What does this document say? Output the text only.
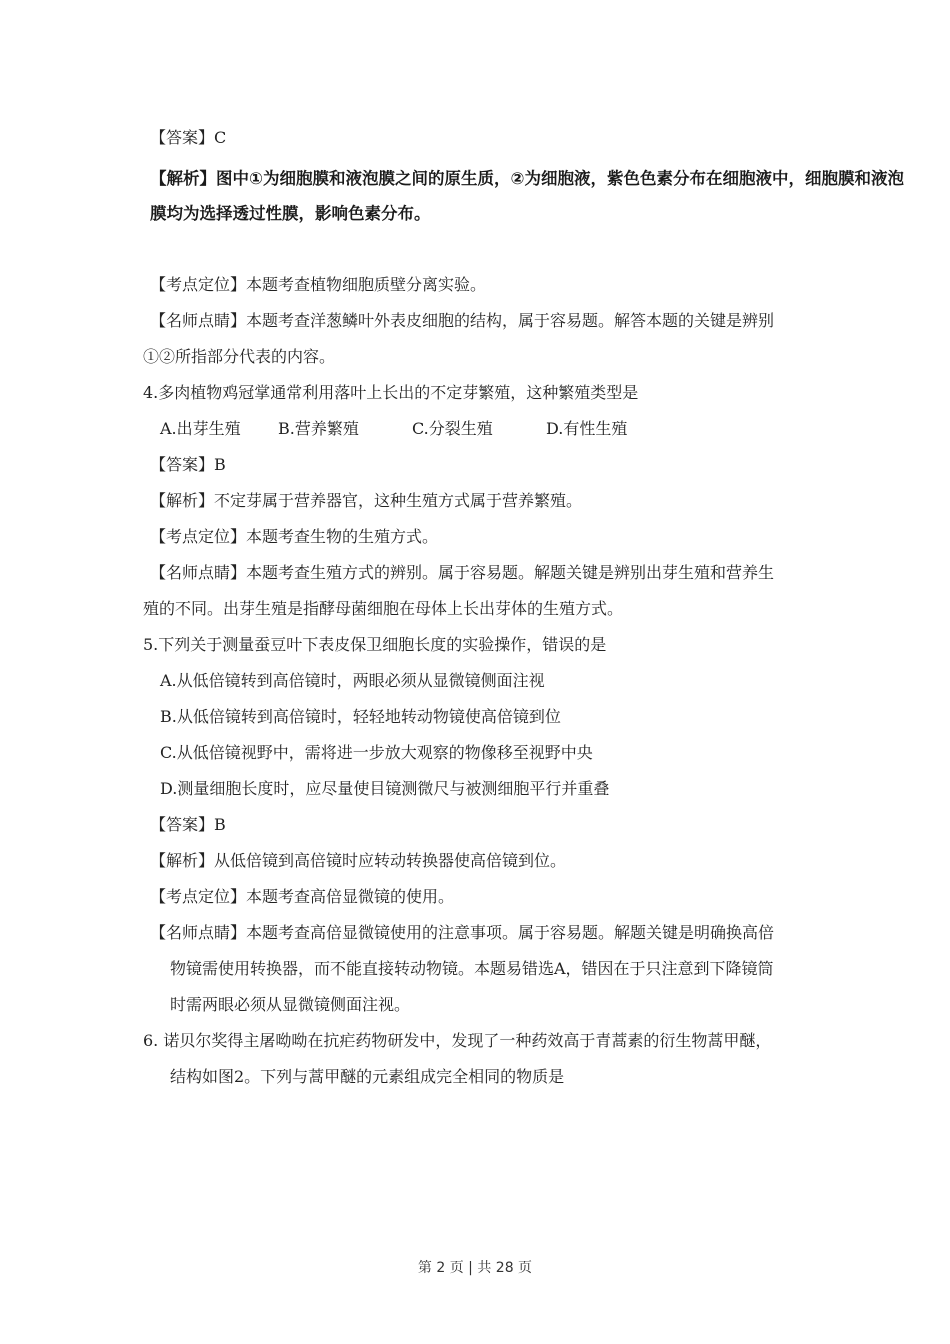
【答案】C
【解析】图中①为细胞膜和液泡膜之间的原生质，②为细胞液，紫色色素分布在细胞液中，细胞膜和液泡
膜均为选择透过性膜，影响色素分布。
【考点定位】本题考查植物细胞质壁分离实验。
【名师点睛】本题考查洋葱鳞叶外表皮细胞的结构，属于容易题。解答本题的关键是辨别
①②所指部分代表的内容。
4.多肉植物鸡冠掌通常利用落叶上长出的不定芽繁殖，这种繁殖类型是
A.出芽生殖 B.营养繁殖	C.分裂生殖	D.有性生殖
【答案】B
【解析】不定芽属于营养器官，这种生殖方式属于营养繁殖。
【考点定位】本题考查生物的生殖方式。
【名师点睛】本题考查生殖方式的辨别。属于容易题。解题关键是辨别出芽生殖和营养生
殖的不同。出芽生殖是指酵母菌细胞在母体上长出芽体的生殖方式。
5.下列关于测量蚕豆叶下表皮保卫细胞长度的实验操作，错误的是
A.从低倍镜转到高倍镜时，两眼必须从显微镜侧面注视
B.从低倍镜转到高倍镜时，轻轻地转动物镜使高倍镜到位
C.从低倍镜视野中，需将进一步放大观察的物像移至视野中央
D.测量细胞长度时，应尽量使目镜测微尺与被测细胞平行并重叠
【答案】B
【解析】从低倍镜到高倍镜时应转动转换器使高倍镜到位。
【考点定位】本题考查高倍显微镜的使用。
【名师点睛】本题考查高倍显微镜使用的注意事项。属于容易题。解题关键是明确换高倍
物镜需使用转换器，而不能直接转动物镜。本题易错选A，错因在于只注意到下降镜筒
时需两眼必须从显微镜侧面注视。
6. 诺贝尔奖得主屠呦呦在抗疟药物研发中，发现了一种药效高于青蒿素的衍生物蒿甲醚，
结构如图2。下列与蒿甲醚的元素组成完全相同的物质是
第 2 页 | 共 28 页
